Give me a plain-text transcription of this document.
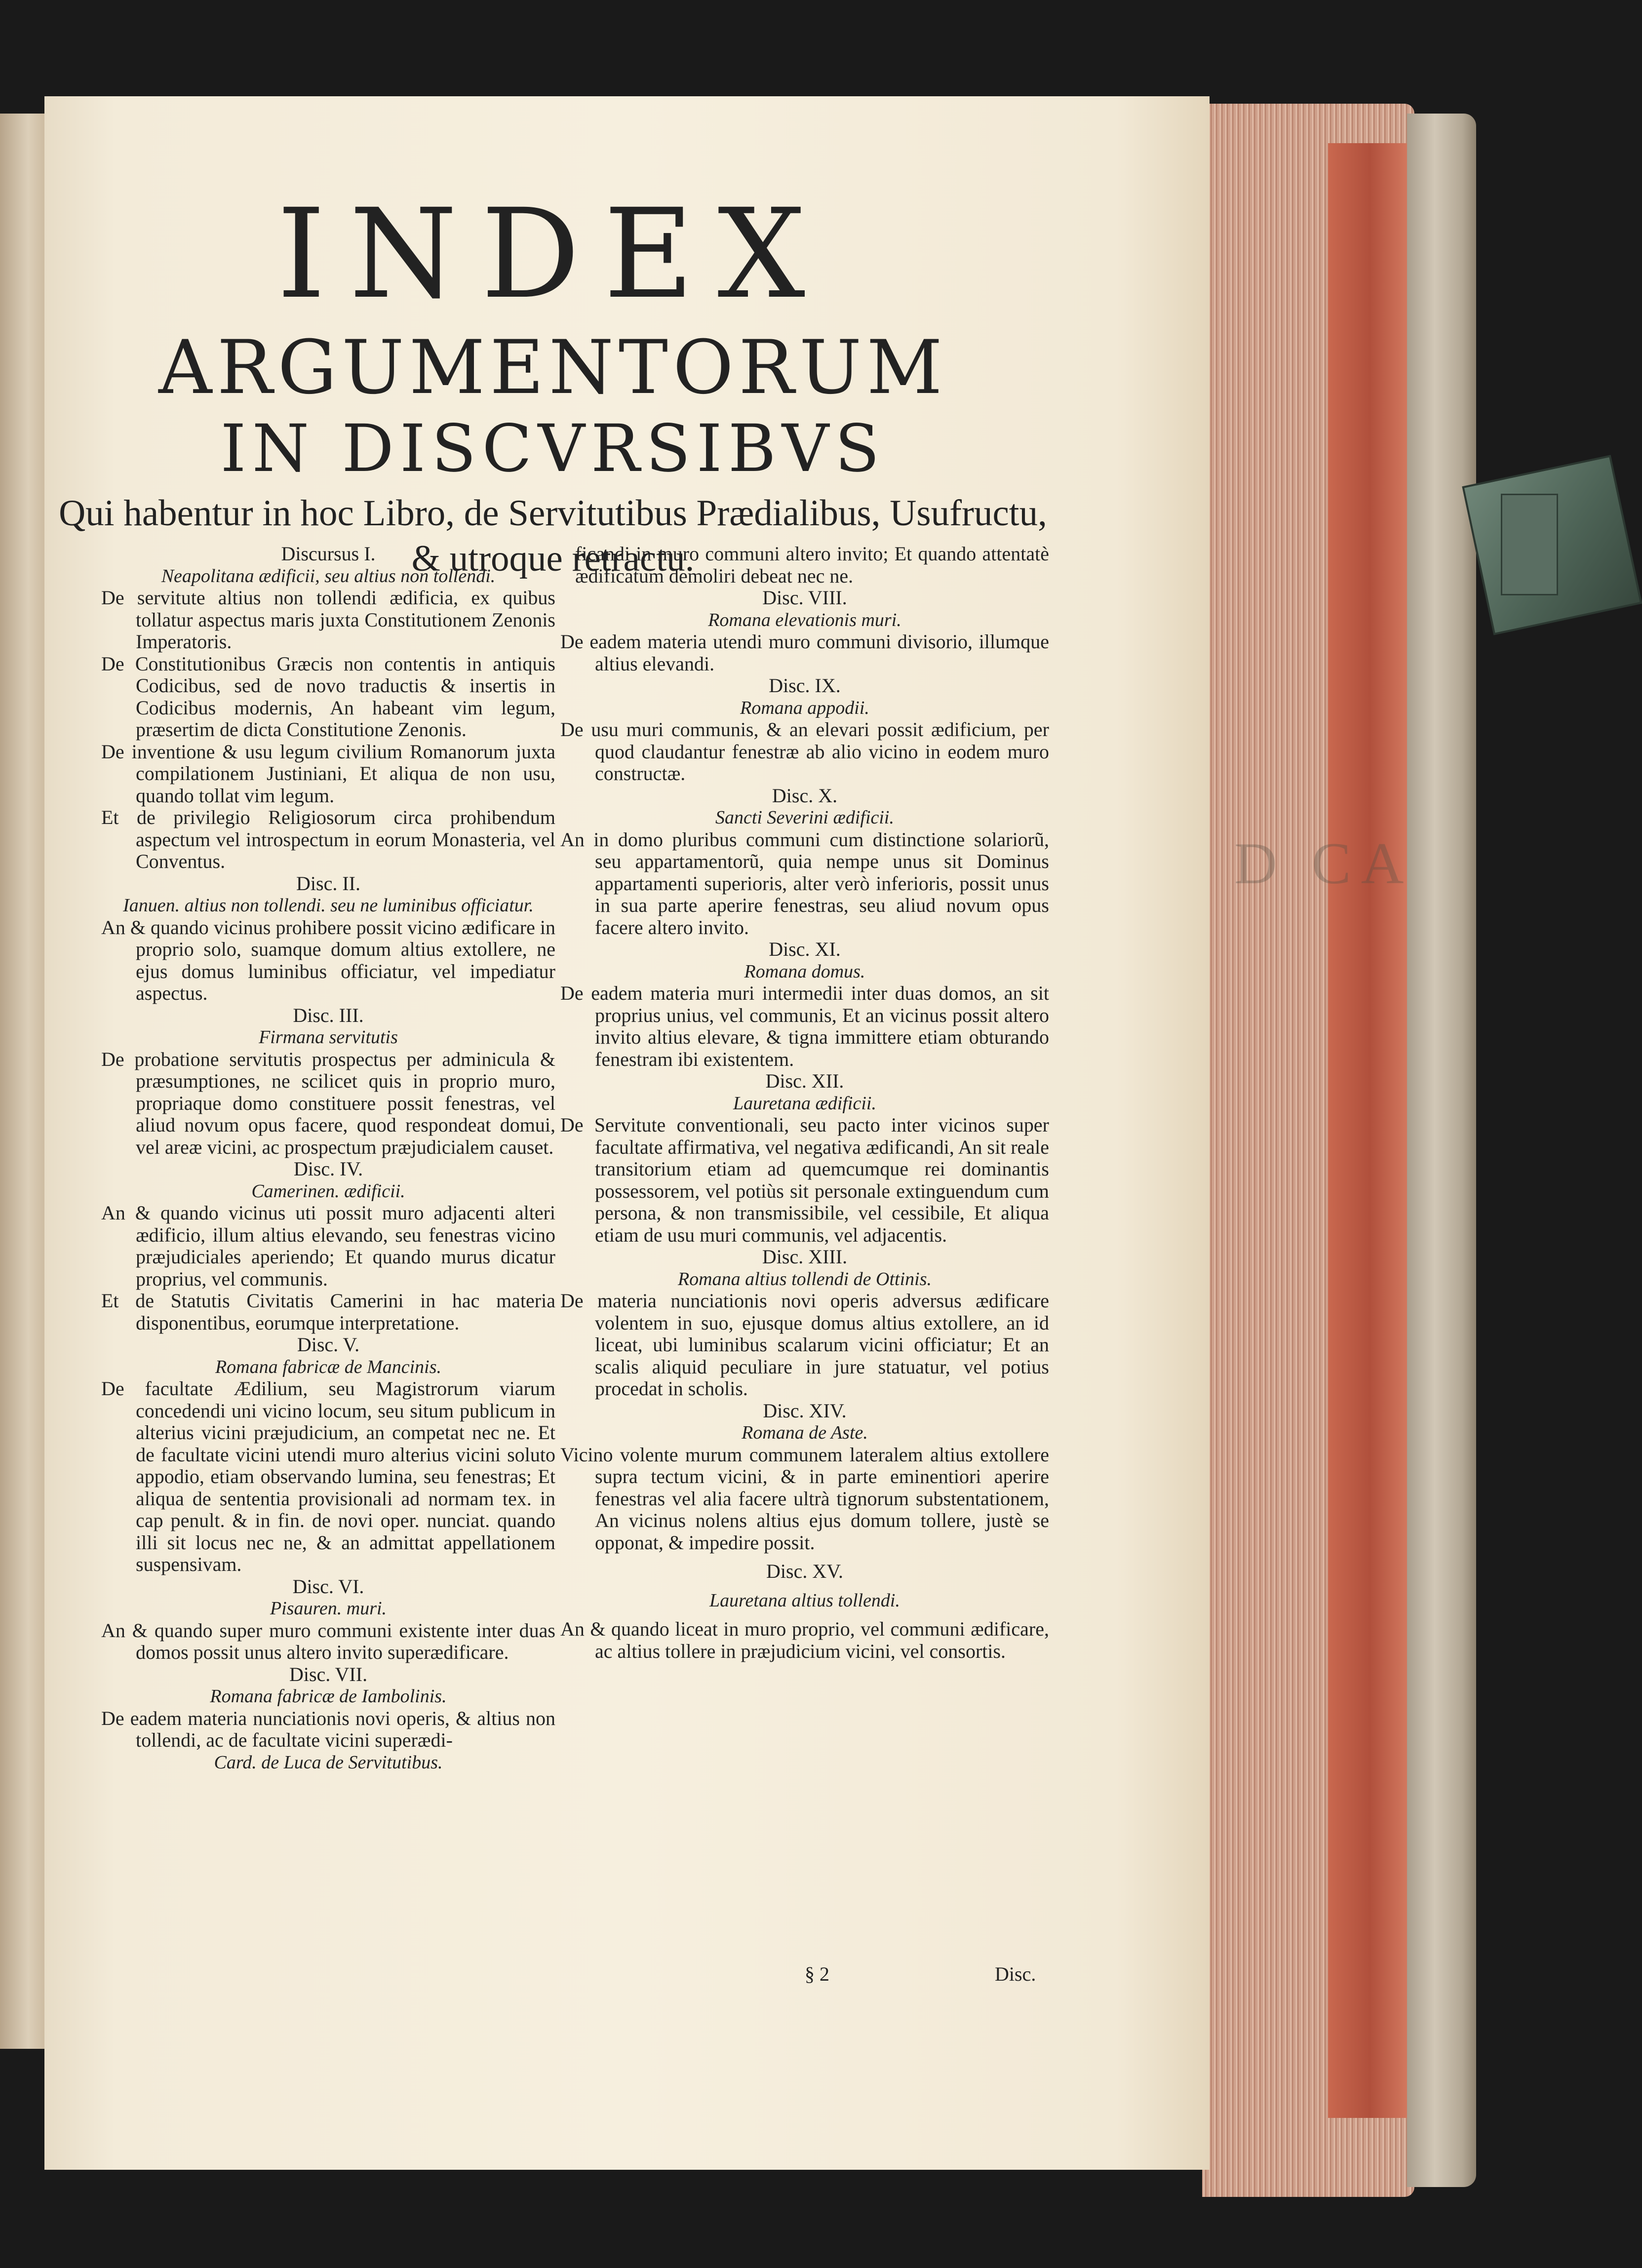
INDEX
ARGUMENTORUM
IN DISCVRSIBVS

Qui habentur in hoc Libro, de Servitutibus Prædialibus, Usufructu,

& utroque retractu.

Discursus I.
Neapolitana ædificii, seu altius non tollendi.
De servitute altius non tollendi ædificia, ex quibus tollatur aspectus maris juxta Constitutionem Zenonis Imperatoris.
De Constitutionibus Græcis non contentis in antiquis Codicibus, sed de novo traductis & insertis in Codicibus modernis, An habeant vim legum, præsertim de dicta Constitutione Zenonis.
De inventione & usu legum civilium Romanorum juxta compilationem Justiniani, Et aliqua de non usu, quando tollat vim legum.
Et de privilegio Religiosorum circa prohibendum aspectum vel introspectum in eorum Monasteria, vel Conventus.
Disc. II.
Ianuen. altius non tollendi. seu ne luminibus officiatur.
An & quando vicinus prohibere possit vicino ædificare in proprio solo, suamque domum altius extollere, ne ejus domus luminibus officiatur, vel impediatur aspectus.
Disc. III.
Firmana servitutis
De probatione servitutis prospectus per adminicula & præsumptiones, ne scilicet quis in proprio muro, propriaque domo constituere possit fenestras, vel aliud novum opus facere, quod respondeat domui, vel areæ vicini, ac prospectum præjudicialem causet.
Disc. IV.
Camerinen. ædificii.
An & quando vicinus uti possit muro adjacenti alteri ædificio, illum altius elevando, seu fenestras vicino præjudiciales aperiendo; Et quando murus dicatur proprius, vel communis.
Et de Statutis Civitatis Camerini in hac materia disponentibus, eorumque interpretatione.
Disc. V.
Romana fabricæ de Mancinis.
De facultate Ædilium, seu Magistrorum viarum concedendi uni vicino locum, seu situm publicum in alterius vicini præjudicium, an competat nec ne. Et de facultate vicini utendi muro alterius vicini soluto appodio, etiam observando lumina, seu fenestras; Et aliqua de sententia provisionali ad normam tex. in cap penult. & in fin. de novi oper. nunciat. quando illi sit locus nec ne, & an admittat appellationem suspensivam.
Disc. VI.
Pisauren. muri.
An & quando super muro communi existente inter duas domos possit unus altero invito superædificare.
Disc. VII.
Romana fabricæ de Iambolinis.
De eadem materia nunciationis novi operis, & altius non tollendi, ac de facultate vicini superædi-
Card. de Luca de Servitutibus.
ficandi in muro communi altero invito; Et quando attentatè ædificatum demoliri debeat nec ne.
Disc. VIII.
Romana elevationis muri.
De eadem materia utendi muro communi divisorio, illumque altius elevandi.
Disc. IX.
Romana appodii.
De usu muri communis, & an elevari possit ædificium, per quod claudantur fenestræ ab alio vicino in eodem muro constructæ.
Disc. X.
Sancti Severini ædificii.
An in domo pluribus communi cum distinctione solariorũ, seu appartamentorũ, quia nempe unus sit Dominus appartamenti superioris, alter verò inferioris, possit unus in sua parte aperire fenestras, seu aliud novum opus facere altero invito.
Disc. XI.
Romana domus.
De eadem materia muri intermedii inter duas domos, an sit proprius unius, vel communis, Et an vicinus possit altero invito altius elevare, & tigna immittere etiam obturando fenestram ibi existentem.
Disc. XII.
Lauretana ædificii.
De Servitute conventionali, seu pacto inter vicinos super facultate affirmativa, vel negativa ædificandi, An sit reale transitorium etiam ad quemcumque rei dominantis possessorem, vel potiùs sit personale extinguendum cum persona, & non transmissibile, vel cessibile, Et aliqua etiam de usu muri communis, vel adjacentis.
Disc. XIII.
Romana altius tollendi de Ottinis.
De materia nunciationis novi operis adversus ædificare volentem in suo, ejusque domus altius extollere, an id liceat, ubi luminibus scalarum vicini officiatur; Et an scalis aliquid peculiare in jure statuatur, vel potius procedat in scholis.
Disc. XIV.
Romana de Aste.
Vicino volente murum communem lateralem altius extollere supra tectum vicini, & in parte eminentiori aperire fenestras vel alia facere ultrà tignorum substentationem, An vicinus nolens altius ejus domum tollere, justè se opponat, & impedire possit.
Disc. XV.
Lauretana altius tollendi.
An & quando liceat in muro proprio, vel communi ædificare, ac altius tollere in præjudicium vicini, vel consortis.
D CA
§ 2	Disc.
